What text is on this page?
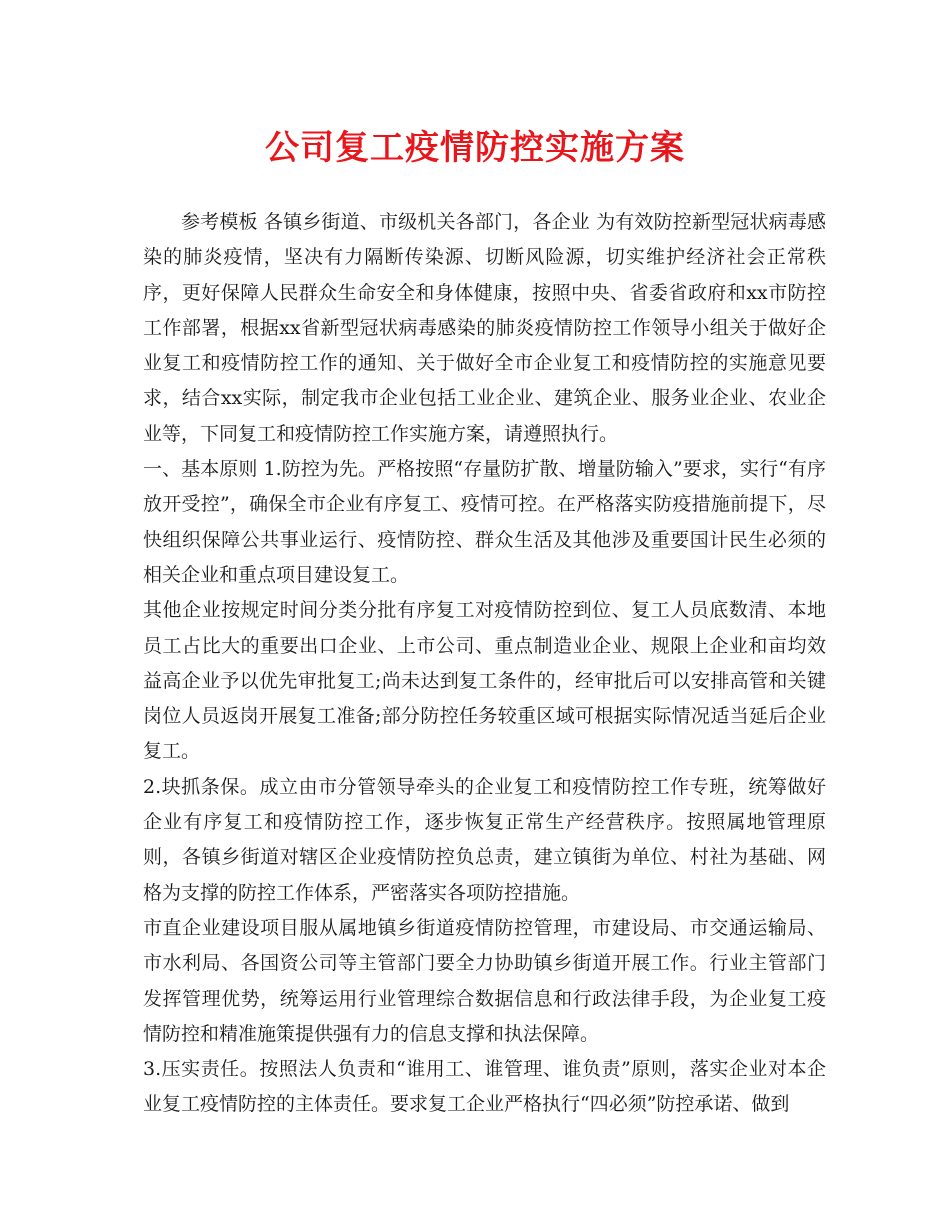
公司复工疫情防控实施方案

参考模板 各镇乡街道、市级机关各部门，各企业 为有效防控新型冠状病毒感染的肺炎疫情，坚决有力隔断传染源、切断风险源，切实维护经济社会正常秩序，更好保障人民群众生命安全和身体健康，按照中央、省委省政府和xx市防控工作部署，根据xx省新型冠状病毒感染的肺炎疫情防控工作领导小组关于做好企业复工和疫情防控工作的通知、关于做好全市企业复工和疫情防控的实施意见要求，结合xx实际，制定我市企业包括工业企业、建筑企业、服务业企业、农业企业等，下同复工和疫情防控工作实施方案，请遵照执行。

一、基本原则 1.防控为先。严格按照“存量防扩散、增量防输入”要求，实行“有序放开受控”，确保全市企业有序复工、疫情可控。在严格落实防疫措施前提下，尽快组织保障公共事业运行、疫情防控、群众生活及其他涉及重要国计民生必须的相关企业和重点项目建设复工。

其他企业按规定时间分类分批有序复工对疫情防控到位、复工人员底数清、本地员工占比大的重要出口企业、上市公司、重点制造业企业、规限上企业和亩均效益高企业予以优先审批复工;尚未达到复工条件的，经审批后可以安排高管和关键岗位人员返岗开展复工准备;部分防控任务较重区域可根据实际情况适当延后企业复工。

2.块抓条保。成立由市分管领导牵头的企业复工和疫情防控工作专班，统筹做好企业有序复工和疫情防控工作，逐步恢复正常生产经营秩序。按照属地管理原则，各镇乡街道对辖区企业疫情防控负总责，建立镇街为单位、村社为基础、网格为支撑的防控工作体系，严密落实各项防控措施。

市直企业建设项目服从属地镇乡街道疫情防控管理，市建设局、市交通运输局、市水利局、各国资公司等主管部门要全力协助镇乡街道开展工作。行业主管部门发挥管理优势，统筹运用行业管理综合数据信息和行政法律手段，为企业复工疫情防控和精准施策提供强有力的信息支撑和执法保障。

3.压实责任。按照法人负责和“谁用工、谁管理、谁负责”原则，落实企业对本企业复工疫情防控的主体责任。要求复工企业严格执行“四必须”防控承诺、做到
